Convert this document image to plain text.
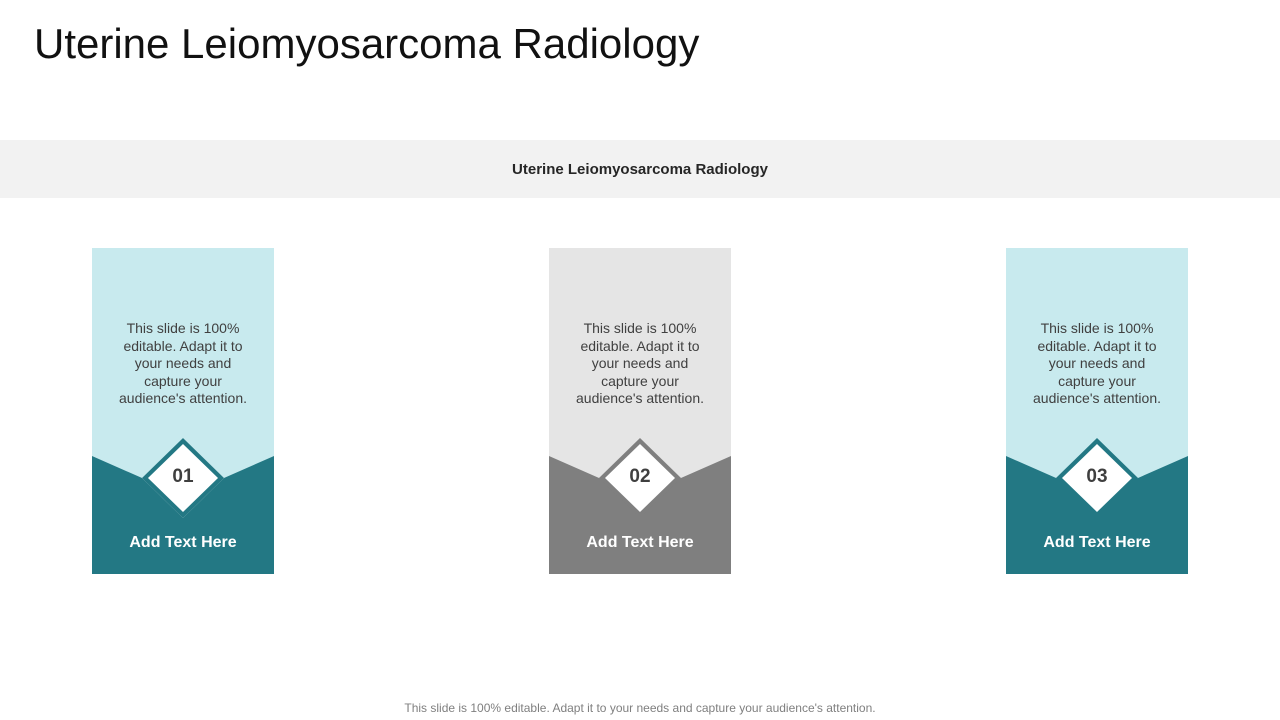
Uterine Leiomyosarcoma Radiology
Uterine Leiomyosarcoma Radiology
This slide is 100% editable. Adapt it to your needs and capture your audience's attention.
01
Add Text Here
This slide is 100% editable. Adapt it to your needs and capture your audience's attention.
02
Add Text Here
This slide is 100% editable. Adapt it to your needs and capture your audience's attention.
03
Add Text Here
This slide is 100% editable. Adapt it to your needs and capture your audience's attention.
